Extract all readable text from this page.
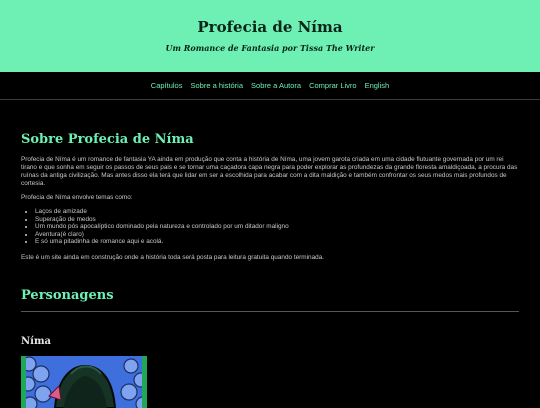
Profecia de Níma
Um Romance de Fantasia por Tissa The Writer
Capítulos Sobre a história Sobre a Autora Comprar Livro English
Sobre Profecia de Níma

Profecia de Níma é um romance de fantasia YA ainda em produção que conta a história de Níma, uma jovem garota criada em uma cidade flutuante governada por um rei tirano e que sonha em seguir os passos de seus pais e se tornar uma caçadora capa negra para poder explorar as profundezas da grande floresta amaldiçoada, a procura das ruínas da antiga civilização. Mas antes disso ela terá que lidar em ser a escolhida para acabar com a dita maldição e também confrontar os seus medos mais profundos de cortesia.

Profecia de Níma envolve temas como:

• Laços de amizade
• Superação de medos
• Um mundo pós apocalíptico dominado pela natureza e controlado por um ditador maligno
• Aventura(é claro)
• E só uma pitadinha de romance aqui e acolá.

Este é um site ainda em construção onde a história toda será posta para leitura gratuita quando terminada.

Personagens
Níma
